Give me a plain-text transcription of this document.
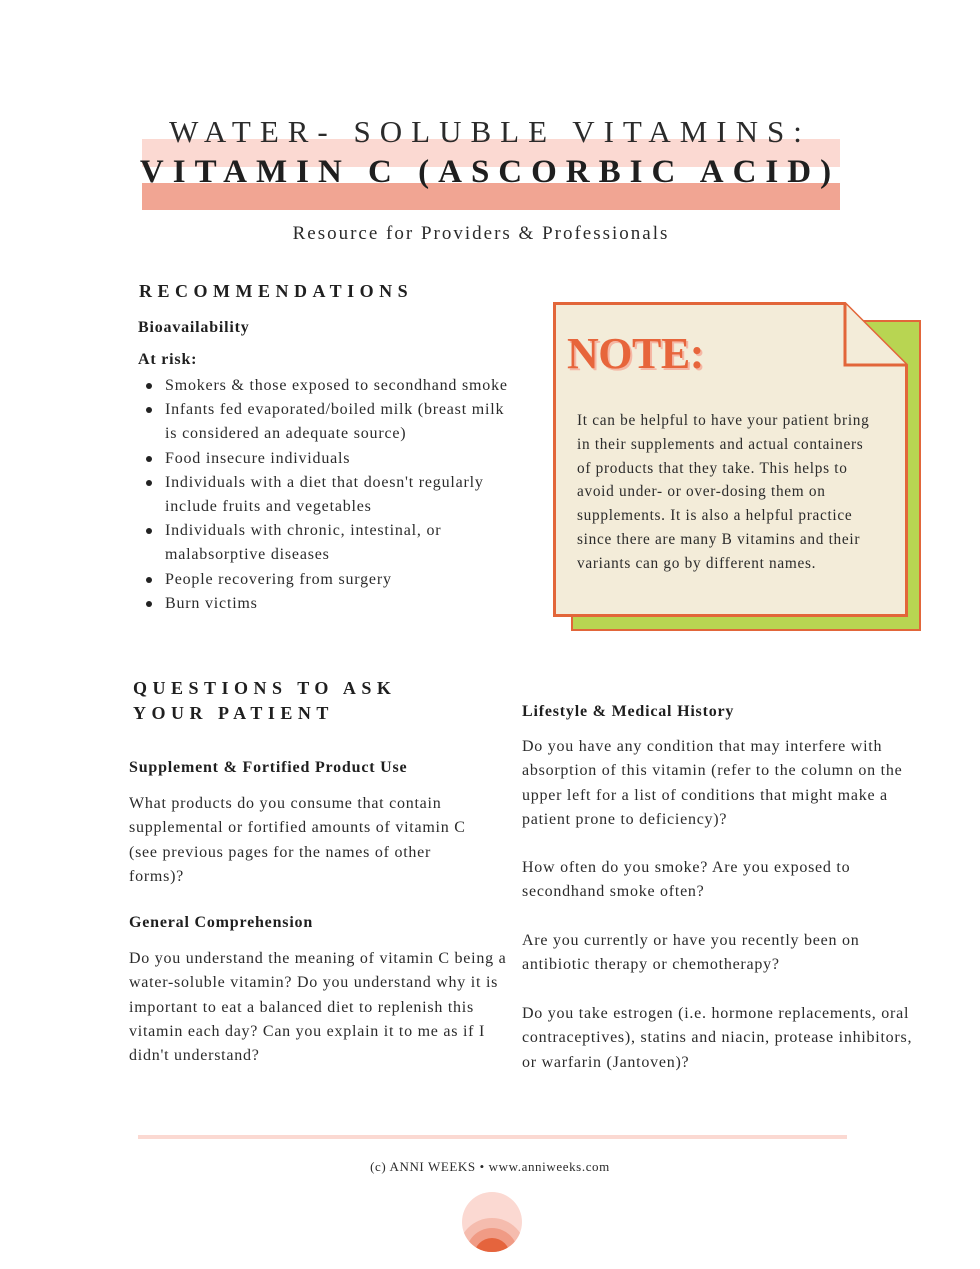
WATER- SOLUBLE VITAMINS:
VITAMIN C (ASCORBIC ACID)
Resource for Providers & Professionals
RECOMMENDATIONS
Bioavailability
At risk:
Smokers & those exposed to secondhand smoke
Infants fed evaporated/boiled milk (breast milk is considered an adequate source)
Food insecure individuals
Individuals with a diet that doesn't regularly include fruits and vegetables
Individuals with chronic, intestinal, or malabsorptive diseases
People recovering from surgery
Burn victims
NOTE:
It can be helpful to have your patient bring in their supplements and actual containers of products that they take. This helps to avoid under- or over-dosing them on supplements. It is also a helpful practice since there are many B vitamins and their variants can go by different names.
QUESTIONS TO ASK
YOUR PATIENT
Supplement & Fortified Product Use
What products do you consume that contain supplemental or fortified amounts of vitamin C (see previous pages for the names of other forms)?
General Comprehension
Do you understand the meaning of vitamin C being a water-soluble vitamin? Do you understand why it is important to eat a balanced diet to replenish this vitamin each day? Can you explain it to me as if I didn't understand?
Lifestyle & Medical History
Do you have any condition that may interfere with absorption of this vitamin (refer to the column on the upper left for a list of conditions that might make a patient prone to deficiency)?
How often do you smoke? Are you exposed to secondhand smoke often?
Are you currently or have you recently been on antibiotic therapy or chemotherapy?
Do you take estrogen (i.e. hormone replacements, oral contraceptives), statins and niacin, protease inhibitors, or warfarin (Jantoven)?
(c) ANNI WEEKS • www.anniweeks.com
